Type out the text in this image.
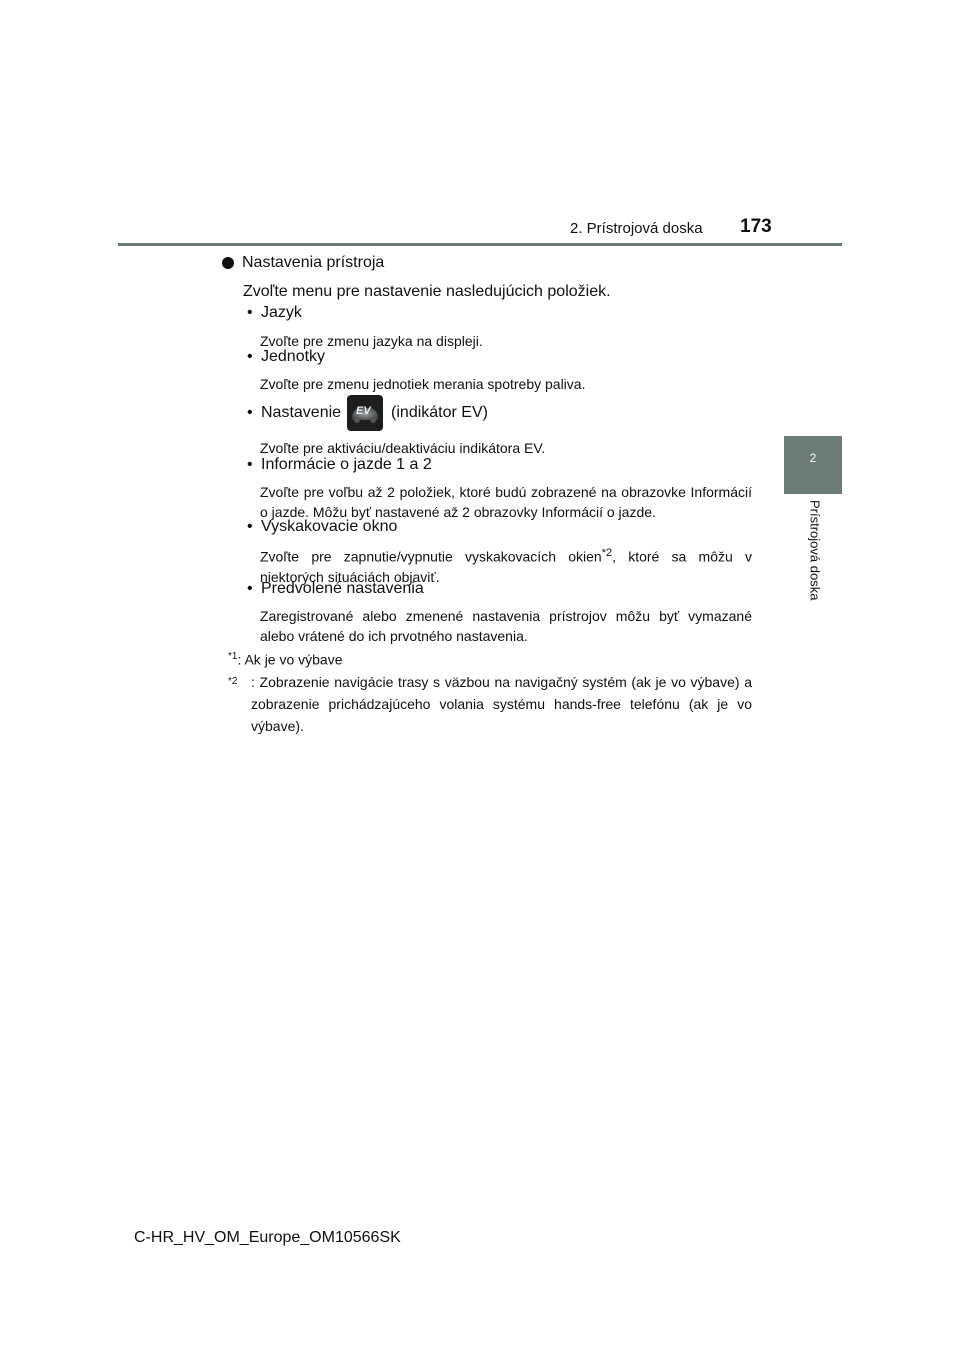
2. Prístrojová doska 173
2
Prístrojová doska
Nastavenia prístroja
Zvoľte menu pre nastavenie nasledujúcich položiek.
• Jazyk
Zvoľte pre zmenu jazyka na displeji.
• Jednotky
Zvoľte pre zmenu jednotiek merania spotreby paliva.
• Nastavenie EV (indikátor EV)
Zvoľte pre aktiváciu/deaktiváciu indikátora EV.
• Informácie o jazde 1 a 2
Zvoľte pre voľbu až 2 položiek, ktoré budú zobrazené na obrazovke Informácií o jazde. Môžu byť nastavené až 2 obrazovky Informácií o jazde.
• Vyskakovacie okno
Zvoľte pre zapnutie/vypnutie vyskakovacích okien$^{*2}$, ktoré sa môžu v niektorých situáciách objaviť.
• Predvolené nastavenia
Zaregistrované alebo zmenené nastavenia prístrojov môžu byť vymazané alebo vrátené do ich prvotného nastavenia.
$^{*1}$: Ak je vo výbave
*2 : Zobrazenie navigácie trasy s väzbou na navigačný systém (ak je vo výbave) a zobrazenie prichádzajúceho volania systému hands-free telefónu (ak je vo výbave).
C-HR_HV_OM_Europe_OM10566SK
